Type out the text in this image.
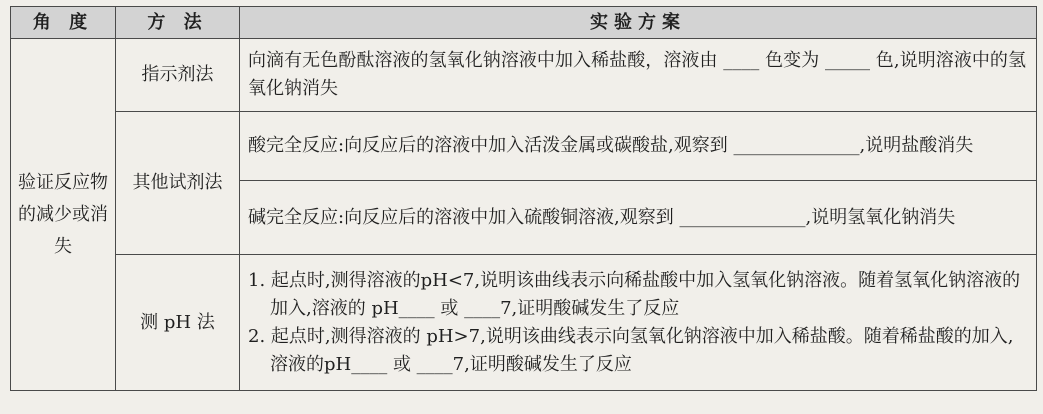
角 度	方 法	实验方案
验证反应物的减少或消失	指示剂法	向滴有无色酚酞溶液的氢氧化钠溶液中加入稀盐酸，溶液由 ____ 色变为 _____ 色,说明溶液中的氢氧化钠消失

	其他试剂法	酸完全反应:向反应后的溶液中加入活泼金属或碳酸盐,观察到 ______________,说明盐酸消失

		碱完全反应:向反应后的溶液中加入硫酸铜溶液,观察到 ______________,说明氢氧化钠消失

	测 pH 法	1. 起点时,测得溶液的pH<7,说明该曲线表示向稀盐酸中加入氢氧化钠溶液。随着氢氧化钠溶液的加入,溶液的 pH____ 或 ____7,证明酸碱发生了反应
2. 起点时,测得溶液的 pH>7,说明该曲线表示向氢氧化钠溶液中加入稀盐酸。随着稀盐酸的加入,溶液的pH____ 或 ____7,证明酸碱发生了反应
